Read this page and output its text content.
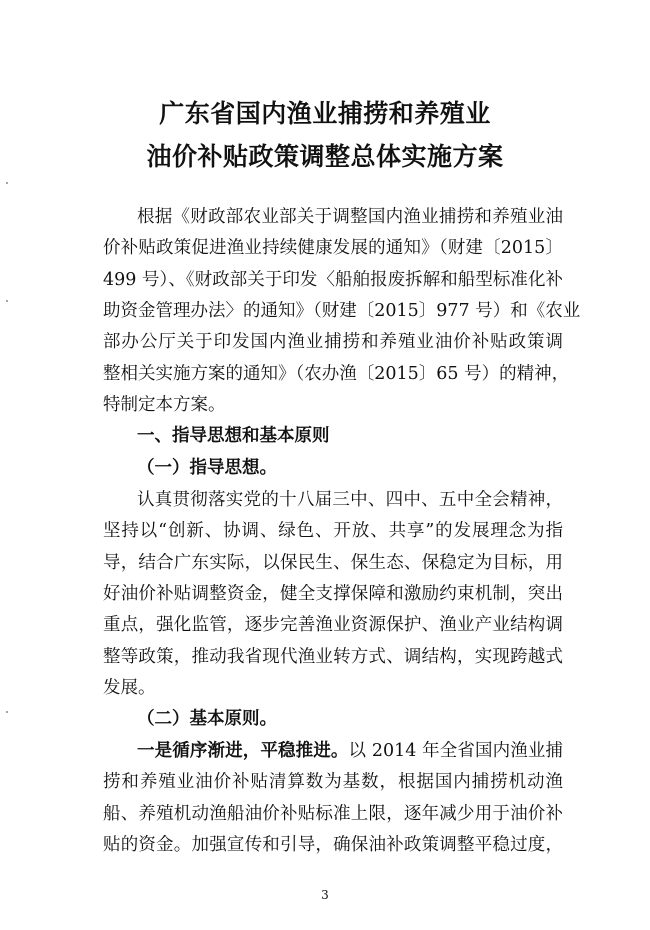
广东省国内渔业捕捞和养殖业
油价补贴政策调整总体实施方案
根据《财政部农业部关于调整国内渔业捕捞和养殖业油
价补贴政策促进渔业持续健康发展的通知》（财建〔2015〕
499 号）、《财政部关于印发〈船舶报废拆解和船型标准化补
助资金管理办法〉的通知》（财建〔2015〕977 号）和《农业
部办公厅关于印发国内渔业捕捞和养殖业油价补贴政策调
整相关实施方案的通知》（农办渔〔2015〕65 号）的精神，
特制定本方案。
一、指导思想和基本原则
（一）指导思想。
认真贯彻落实党的十八届三中、四中、五中全会精神，
坚持以“创新、协调、绿色、开放、共享”的发展理念为指
导，结合广东实际，以保民生、保生态、保稳定为目标，用
好油价补贴调整资金，健全支撑保障和激励约束机制，突出
重点，强化监管，逐步完善渔业资源保护、渔业产业结构调
整等政策，推动我省现代渔业转方式、调结构，实现跨越式
发展。
（二）基本原则。
一是循序渐进，平稳推进。以 2014 年全省国内渔业捕
捞和养殖业油价补贴清算数为基数，根据国内捕捞机动渔
船、养殖机动渔船油价补贴标准上限，逐年减少用于油价补
贴的资金。加强宣传和引导，确保油补政策调整平稳过度，
3
